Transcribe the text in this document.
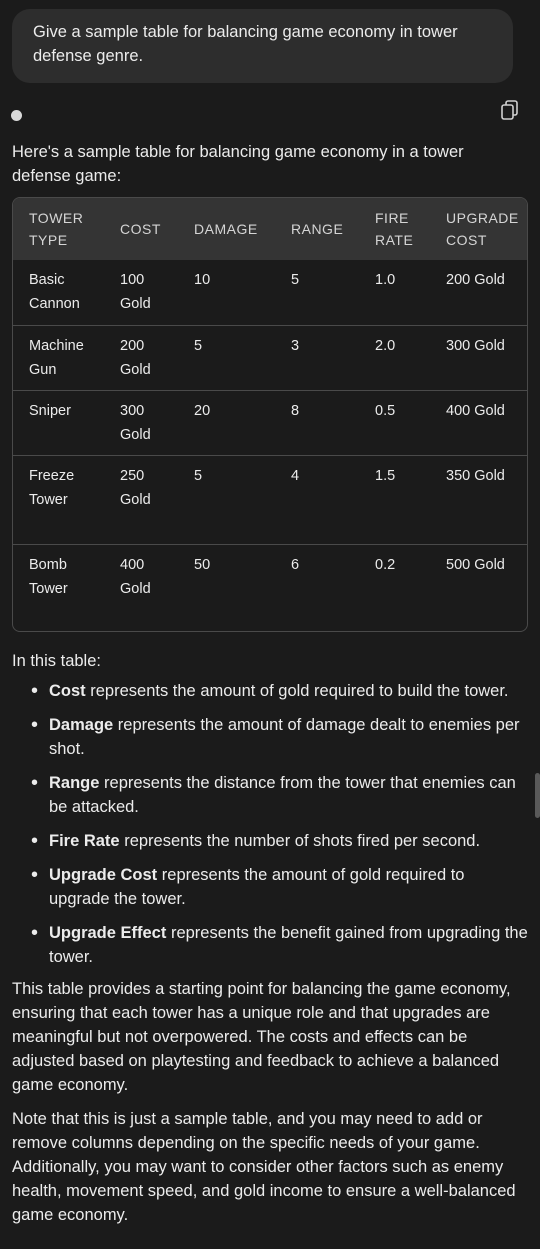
Give a sample table for balancing game economy in tower defense genre.
Here's a sample table for balancing game economy in a tower defense game:
TOWER TYPE	COST	DAMAGE	RANGE	FIRE RATE	UPGRADE COST
Basic Cannon	100 Gold	10	5	1.0	200 Gold
Machine Gun	200 Gold	5	3	2.0	300 Gold
Sniper	300 Gold	20	8	0.5	400 Gold
Freeze Tower	250 Gold	5	4	1.5	350 Gold
Bomb Tower	400 Gold	50	6	0.2	500 Gold

In this table:

• Cost represents the amount of gold required to build the tower.
• Damage represents the amount of damage dealt to enemies per shot.
• Range represents the distance from the tower that enemies can be attacked.
• Fire Rate represents the number of shots fired per second.
• Upgrade Cost represents the amount of gold required to upgrade the tower.
• Upgrade Effect represents the benefit gained from upgrading the tower.

This table provides a starting point for balancing the game economy, ensuring that each tower has a unique role and that upgrades are meaningful but not overpowered. The costs and effects can be adjusted based on playtesting and feedback to achieve a balanced game economy.

Note that this is just a sample table, and you may need to add or remove columns depending on the specific needs of your game. Additionally, you may want to consider other factors such as enemy health, movement speed, and gold income to ensure a well-balanced game economy.
